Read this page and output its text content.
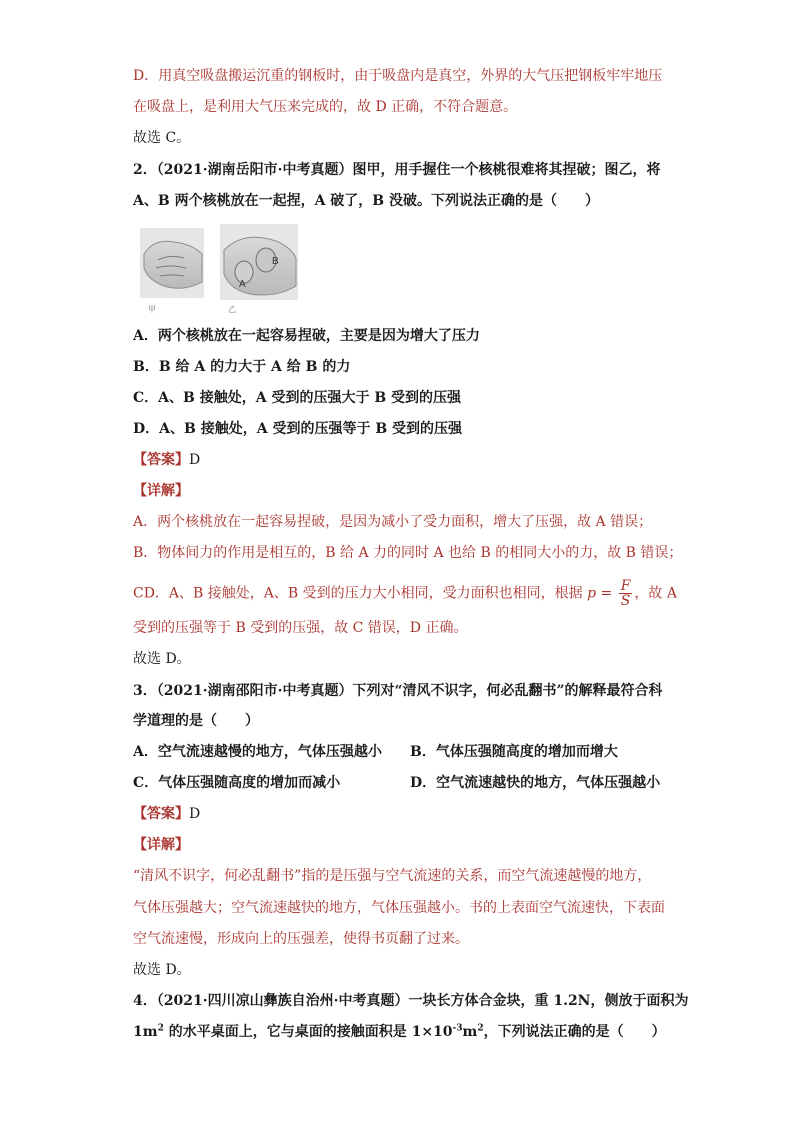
D．用真空吸盘搬运沉重的钢板时，由于吸盘内是真空，外界的大气压把钢板牢牢地压
在吸盘上，是利用大气压来完成的，故 D 正确，不符合题意。
故选 C。
2．（2021·湖南岳阳市·中考真题）图甲，用手握住一个核桃很难将其捏破；图乙，将
A、B 两个核桃放在一起捏，A 破了，B 没破。下列说法正确的是（　　）
A
B
甲	乙
A．两个核桃放在一起容易捏破，主要是因为增大了压力
B．B 给 A 的力大于 A 给 B 的力
C．A、B 接触处，A 受到的压强大于 B 受到的压强
D．A、B 接触处，A 受到的压强等于 B 受到的压强
【答案】D
【详解】
A．两个核桃放在一起容易捏破，是因为减小了受力面积，增大了压强，故 A 错误；
B．物体间力的作用是相互的，B 给 A 力的同时 A 也给 B 的相同大小的力，故 B 错误；
CD．A、B 接触处，A、B 受到的压力大小相同，受力面积也相同，根据 $p = \frac{F}{S}$ ，故 A
受到的压强等于 B 受到的压强，故 C 错误，D 正确。
故选 D。
3．（2021·湖南邵阳市·中考真题）下列对“清风不识字，何必乱翻书”的解释最符合科
学道理的是（　　）
A．空气流速越慢的地方，气体压强越小 B．气体压强随高度的增加而增大
C．气体压强随高度的增加而减小	D．空气流速越快的地方，气体压强越小
【答案】D
【详解】
“清风不识字，何必乱翻书”指的是压强与空气流速的关系，而空气流速越慢的地方，
气体压强越大；空气流速越快的地方，气体压强越小。书的上表面空气流速快，下表面
空气流速慢，形成向上的压强差，使得书页翻了过来。
故选 D。
4．（2021·四川凉山彝族自治州·中考真题）一块长方体合金块，重 1.2N，侧放于面积为
$1m^2$ 的水平桌面上，它与桌面的接触面积是 $1\times 10^{-3}m^2$，下列说法正确的是（　　）
